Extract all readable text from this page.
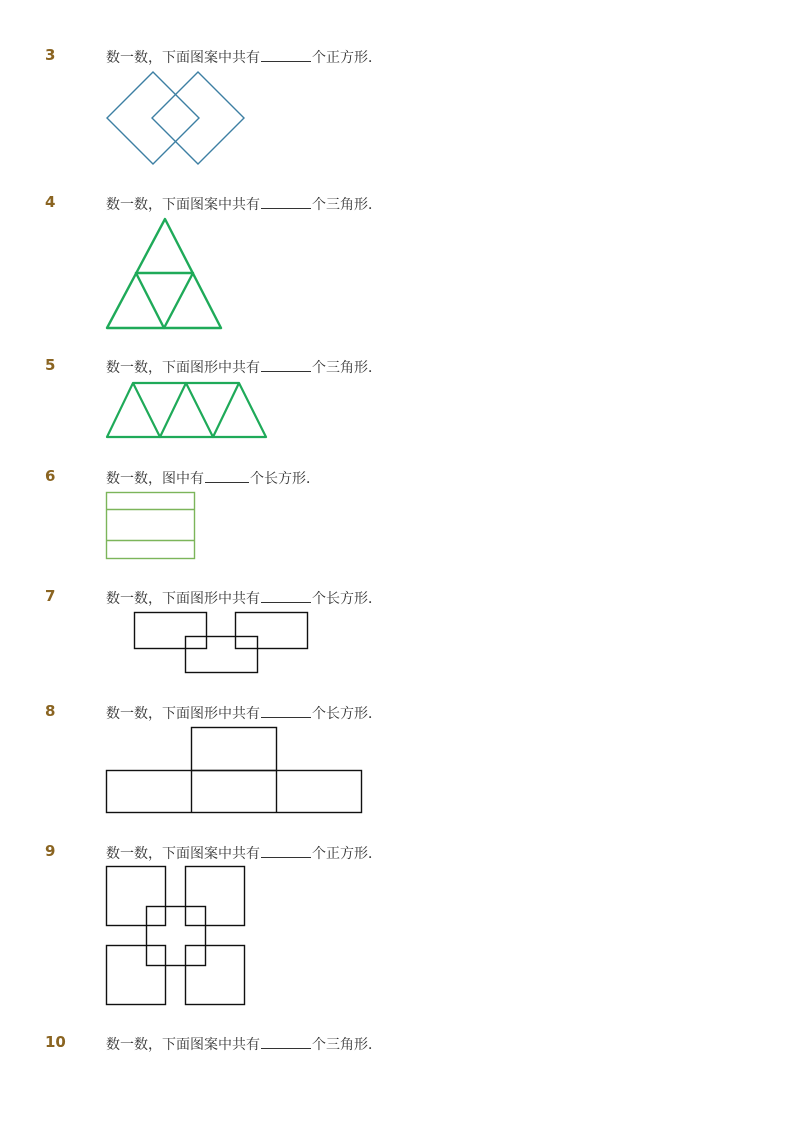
3	数一数，下面图案中共有	个正方形．
4	数一数，下面图案中共有	个三角形．
5	数一数，下面图形中共有	个三角形．
6	数一数，图中有	个长方形．
7	数一数，下面图形中共有	个长方形．
8	数一数，下面图形中共有	个长方形．
9	数一数，下面图案中共有	个正方形．
10	数一数，下面图案中共有	个三角形．
